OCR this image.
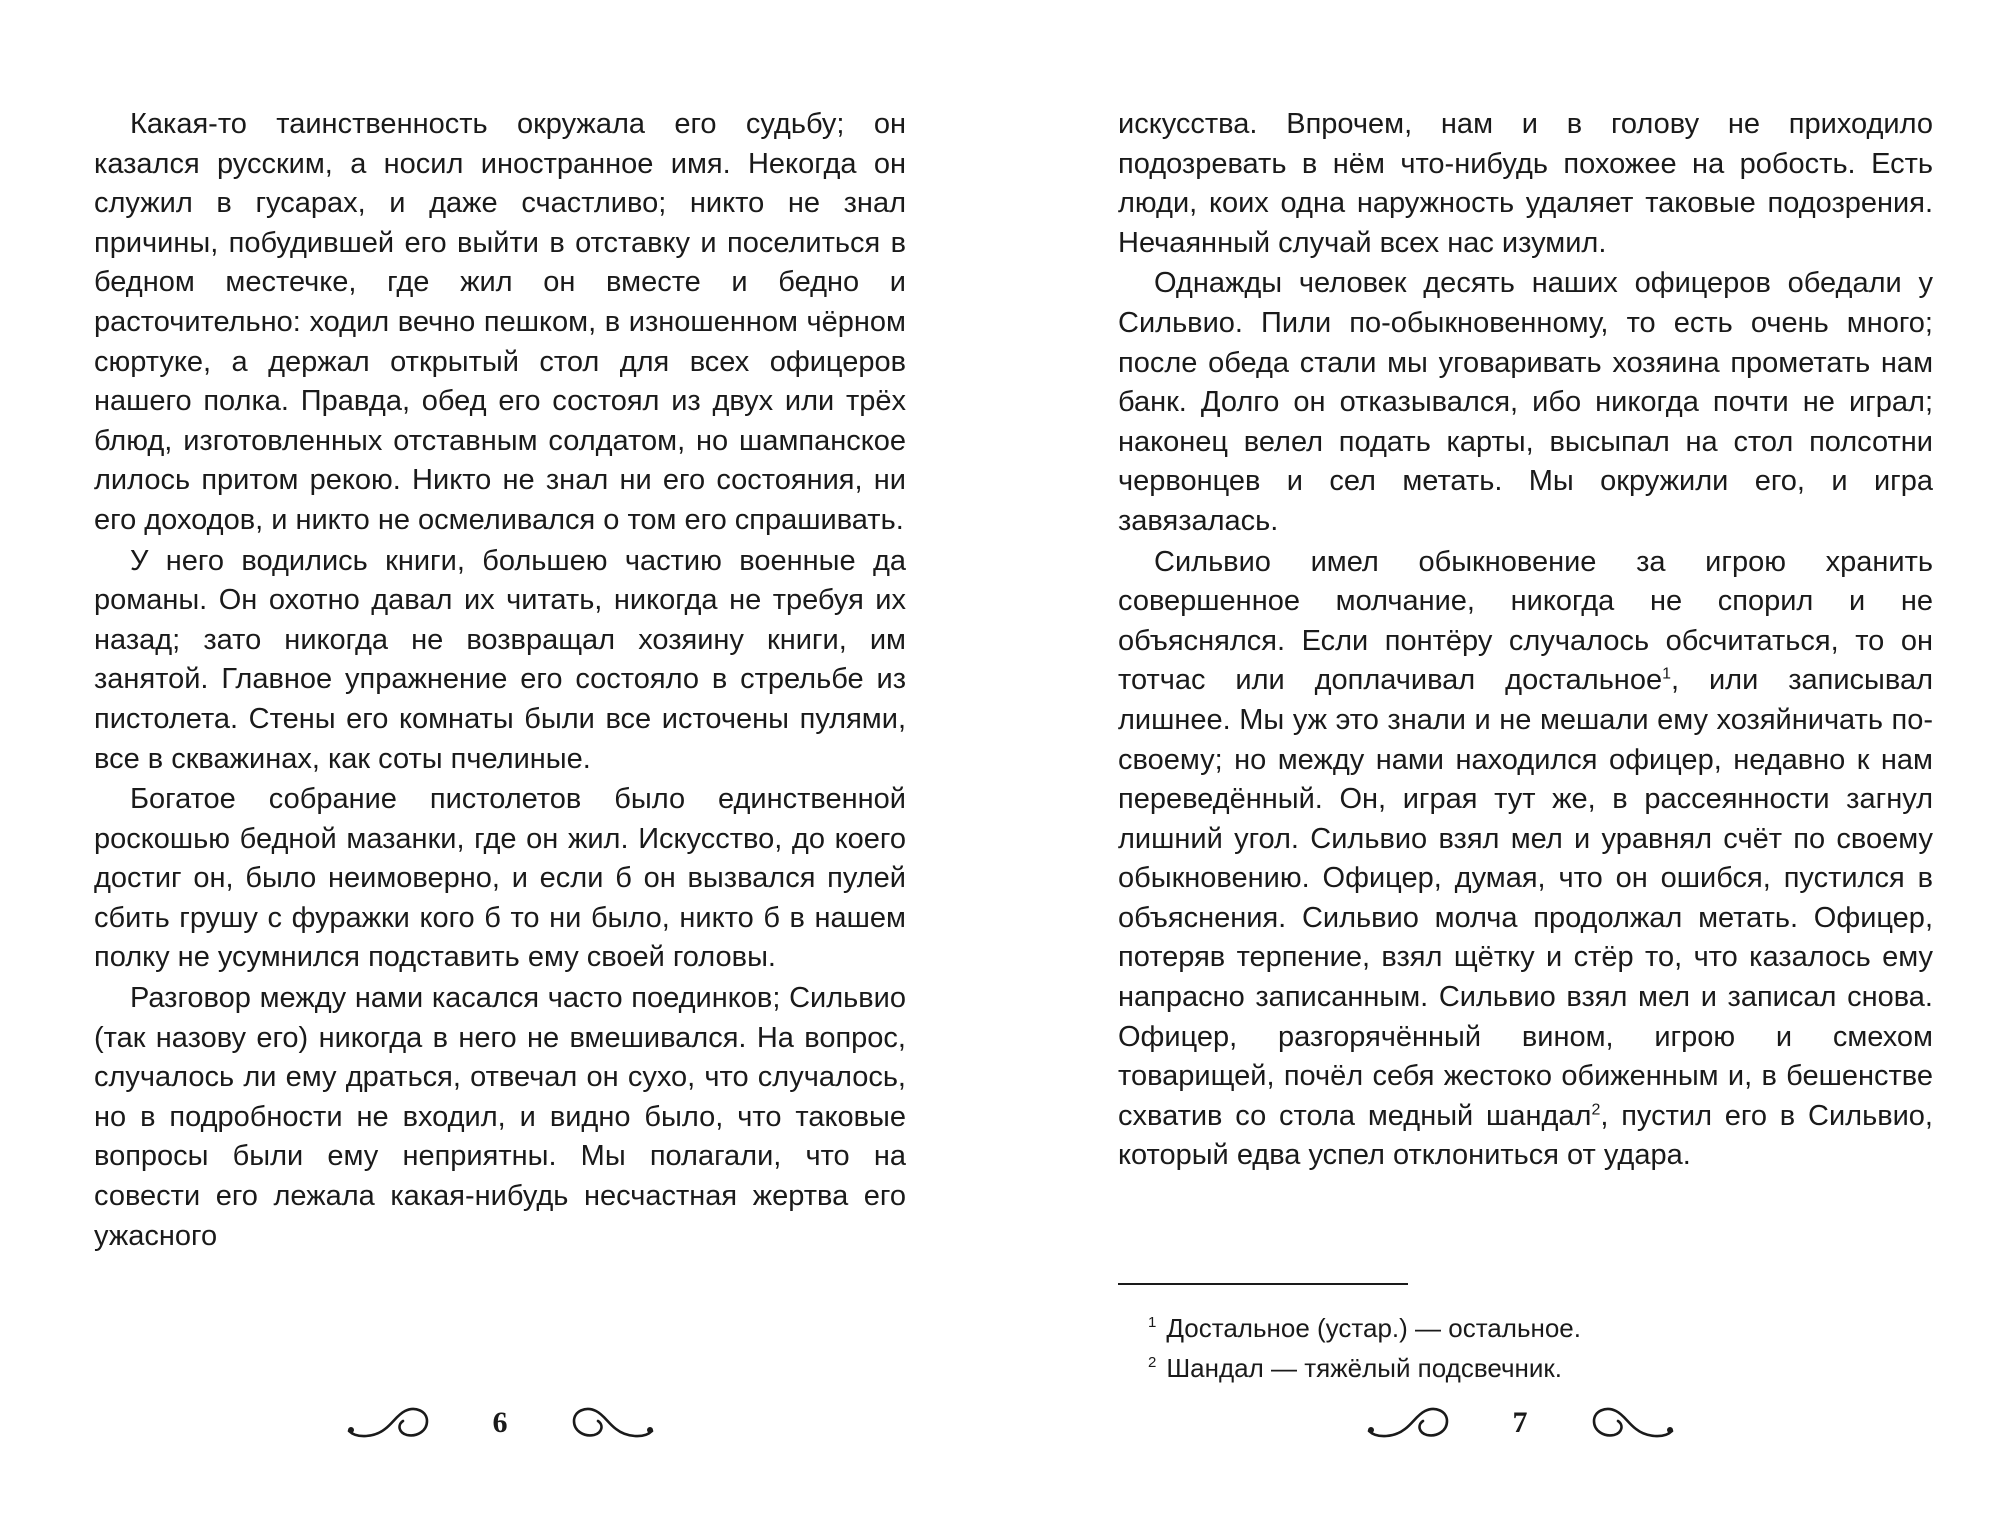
Какая-то таинственность окружала его судьбу; он казался русским, а носил иностранное имя. Некогда он служил в гусарах, и даже счастливо; никто не знал причины, побудившей его выйти в отставку и поселиться в бедном местечке, где жил он вместе и бедно и расточительно: ходил вечно пешком, в изношенном чёрном сюртуке, а держал открытый стол для всех офицеров нашего полка. Правда, обед его состоял из двух или трёх блюд, изготовленных отставным солдатом, но шампанское лилось притом рекою. Никто не знал ни его состояния, ни его доходов, и никто не осмеливался о том его спрашивать.

У него водились книги, большею частию военные да романы. Он охотно давал их читать, никогда не требуя их назад; зато никогда не возвращал хозяину книги, им занятой. Главное упражнение его состояло в стрельбе из пистолета. Стены его комнаты были все источены пулями, все в скважинах, как соты пчелиные.

Богатое собрание пистолетов было единственной роскошью бедной мазанки, где он жил. Искусство, до коего достиг он, было неимоверно, и если б он вызвался пулей сбить грушу с фуражки кого б то ни было, никто б в нашем полку не усумнился подставить ему своей головы.

Разговор между нами касался часто поединков; Сильвио (так назову его) никогда в него не вмешивался. На вопрос, случалось ли ему драться, отвечал он сухо, что случалось, но в подробности не входил, и видно было, что таковые вопросы были ему неприятны. Мы полагали, что на совести его лежала какая-нибудь несчастная жертва его ужасного

6

искусства. Впрочем, нам и в голову не приходило подозревать в нём что-нибудь похожее на робость. Есть люди, коих одна наружность удаляет таковые подозрения. Нечаянный случай всех нас изумил.

Однажды человек десять наших офицеров обедали у Сильвио. Пили по-обыкновенному, то есть очень много; после обеда стали мы уговаривать хозяина прометать нам банк. Долго он отказывался, ибо никогда почти не играл; наконец велел подать карты, высыпал на стол полсотни червонцев и сел метать. Мы окружили его, и игра завязалась.

Сильвио имел обыкновение за игрою хранить совершенное молчание, никогда не спорил и не объяснялся. Если понтёру случалось обсчитаться, то он тотчас или доплачивал достальное$^1$, или записывал лишнее. Мы уж это знали и не мешали ему хозяйничать по-своему; но между нами находился офицер, недавно к нам переведённый. Он, играя тут же, в рассеянности загнул лишний угол. Сильвио взял мел и уравнял счёт по своему обыкновению. Офицер, думая, что он ошибся, пустился в объяснения. Сильвио молча продолжал метать. Офицер, потеряв терпение, взял щётку и стёр то, что казалось ему напрасно записанным. Сильвио взял мел и записал снова. Офицер, разгорячённый вином, игрою и смехом товарищей, почёл себя жестоко обиженным и, в бешенстве схватив со стола медный шандал$^2$, пустил его в Сильвио, который едва успел отклониться от удара.

$^1$ Достальное (устар.) — остальное.
$^2$ Шандал — тяжёлый подсвечник.
7
